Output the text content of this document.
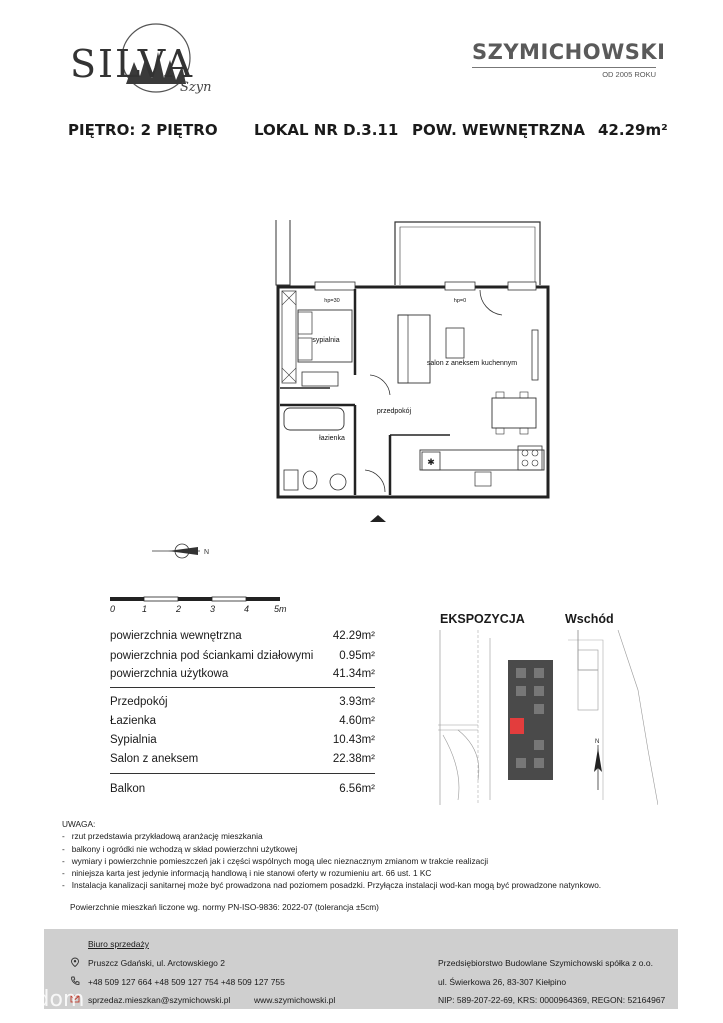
SILVA
Szyn
SZYMICHOWSKI
OD 2005 ROKU
PIĘTRO: 2 PIĘTRO LOKAL NR D.3.11 POW. WEWNĘTRZNA 42.29m²
✱
sypialnia
salon z aneksem kuchennym
przedpokój
łazienka
hp=30	hp=0
N
0	1	2	3	4	5m
powierzchnia wewnętrzna	42.29m²
powierzchnia pod ściankami działowymi 0.95m²
powierzchnia użytkowa	41.34m²
Przedpokój	3.93m²
Łazienka	4.60m²
Sypialnia	10.43m²
Salon z aneksem	22.38m²
Balkon	6.56m²
EKSPOZYCJA	Wschód
N
UWAGA:
-   rzut przedstawia przykładową aranżację mieszkania
-   balkony i ogródki nie wchodzą w skład powierzchni użytkowej
-   wymiary i powierzchnie pomieszczeń jak i części wspólnych mogą ulec nieznacznym zmianom w trakcie realizacji
-   niniejsza karta jest jedynie informacją handlową i nie stanowi oferty w rozumieniu art. 66 ust. 1 KC
-   Instalacja kanalizacji sanitarnej może być prowadzona nad poziomem posadzki. Przyłącza instalacji wod-kan mogą być prowadzone natynkowo.
Powierzchnie mieszkań liczone wg. normy PN-ISO-9836: 2022-07 (tolerancja ±5cm)
Biuro sprzedaży
Pruszcz Gdański, ul. Arctowskiego 2
+48 509 127 664 +48 509 127 754 +48 509 127 755
sprzedaz.mieszkan@szymichowski.pl	www.szymichowski.pl
Przedsiębiorstwo Budowlane Szymichowski spółka z o.o.
ul. Świerkowa 26, 83-307 Kiełpino
NIP: 589-207-22-69, KRS: 0000964369, REGON: 52164967
otodom
